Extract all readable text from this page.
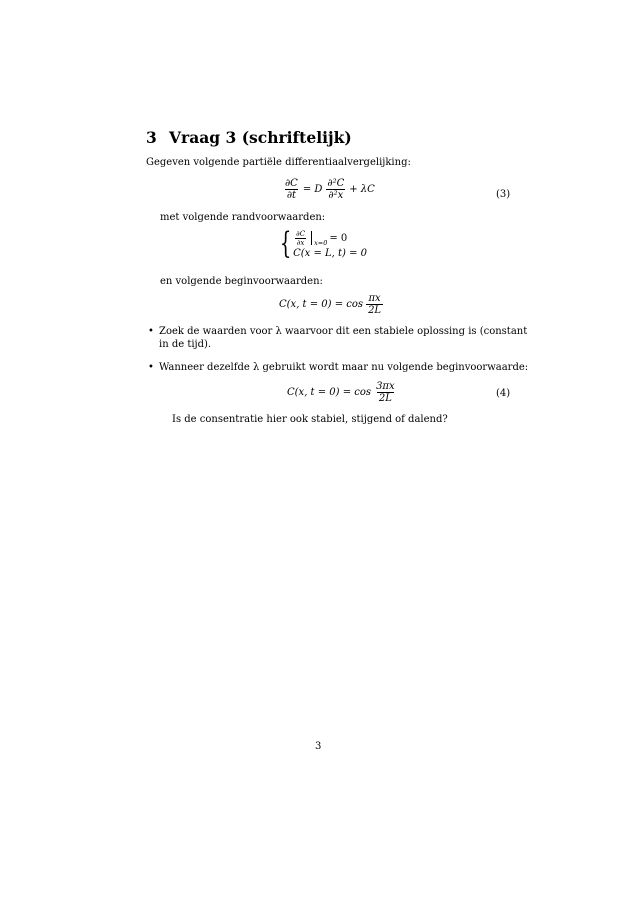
3 Vraag 3 (schriftelijk)
Gegeven volgende partiële differentiaalvergelijking:
$\frac{\partial C}{\partial t} = D \frac{\text{∂²C}}{\text{∂²x}} + \lambda C$	(3)
met volgende randvoorwaarden:
{ $\frac{\partial C}{\partial x} x=0 = 0$
C(x = L, t) = 0
en volgende beginvoorwaarden:
C(x, $t = 0) = \cos \frac{\pi x}{2L}$
• Zoek de waarden voor λ waarvoor dit een stabiele oplossing is (constant
in de tijd).
• Wanneer dezelfde λ gebruikt wordt maar nu volgende beginvoorwaarde:
C(x, $t = 0) = \cos \frac{3\pi x}{2L}$	(4)
Is de consentratie hier ook stabiel, stijgend of dalend?
3
